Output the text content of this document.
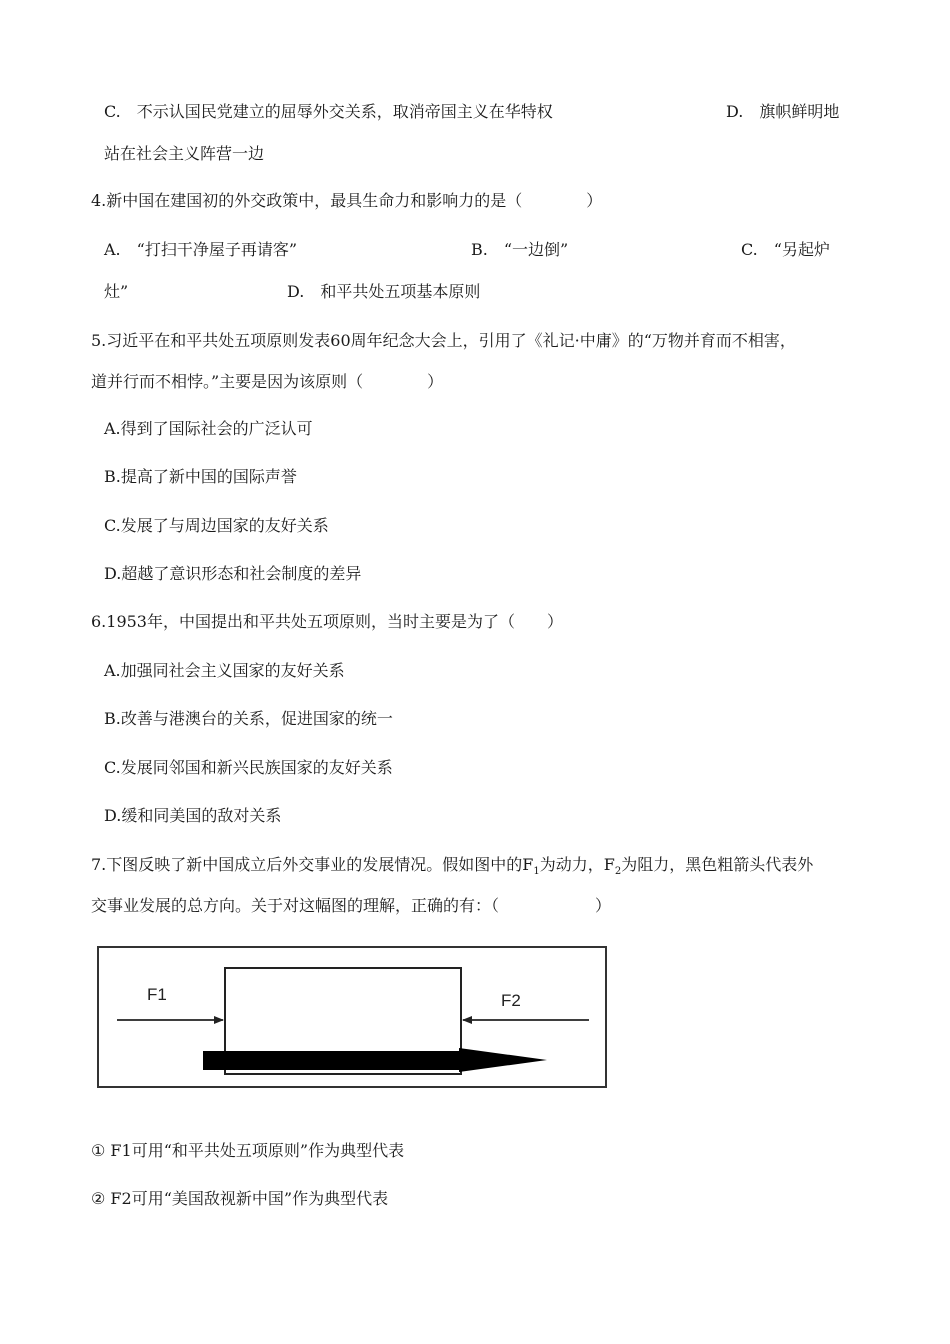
C.　不示认国民党建立的屈辱外交关系，取消帝国主义在华特权	D.　旗帜鲜明地
站在社会主义阵营一边
4.新中国在建国初的外交政策中，最具生命力和影响力的是（　　　　）
A.　“打扫干净屋子再请客”	B.　“一边倒”	C.　“另起炉
灶”	D.　和平共处五项基本原则
5.习近平在和平共处五项原则发表60周年纪念大会上，引用了《礼记·中庸》的“万物并育而不相害，
道并行而不相悖。”主要是因为该原则（　　　　）
A.得到了国际社会的广泛认可
B.提高了新中国的国际声誉
C.发展了与周边国家的友好关系
D.超越了意识形态和社会制度的差异
6.1953年，中国提出和平共处五项原则，当时主要是为了（　　）
A.加强同社会主义国家的友好关系
B.改善与港澳台的关系，促进国家的统一
C.发展同邻国和新兴民族国家的友好关系
D.缓和同美国的敌对关系
7.下图反映了新中国成立后外交事业的发展情况。假如图中的$F_1$为动力，$F_2$为阻力，黑色粗箭头代表外
交事业发展的总方向。关于对这幅图的理解，正确的有：（　　　　　　）
F1	F2
① F1可用“和平共处五项原则”作为典型代表
② F2可用“美国敌视新中国”作为典型代表
